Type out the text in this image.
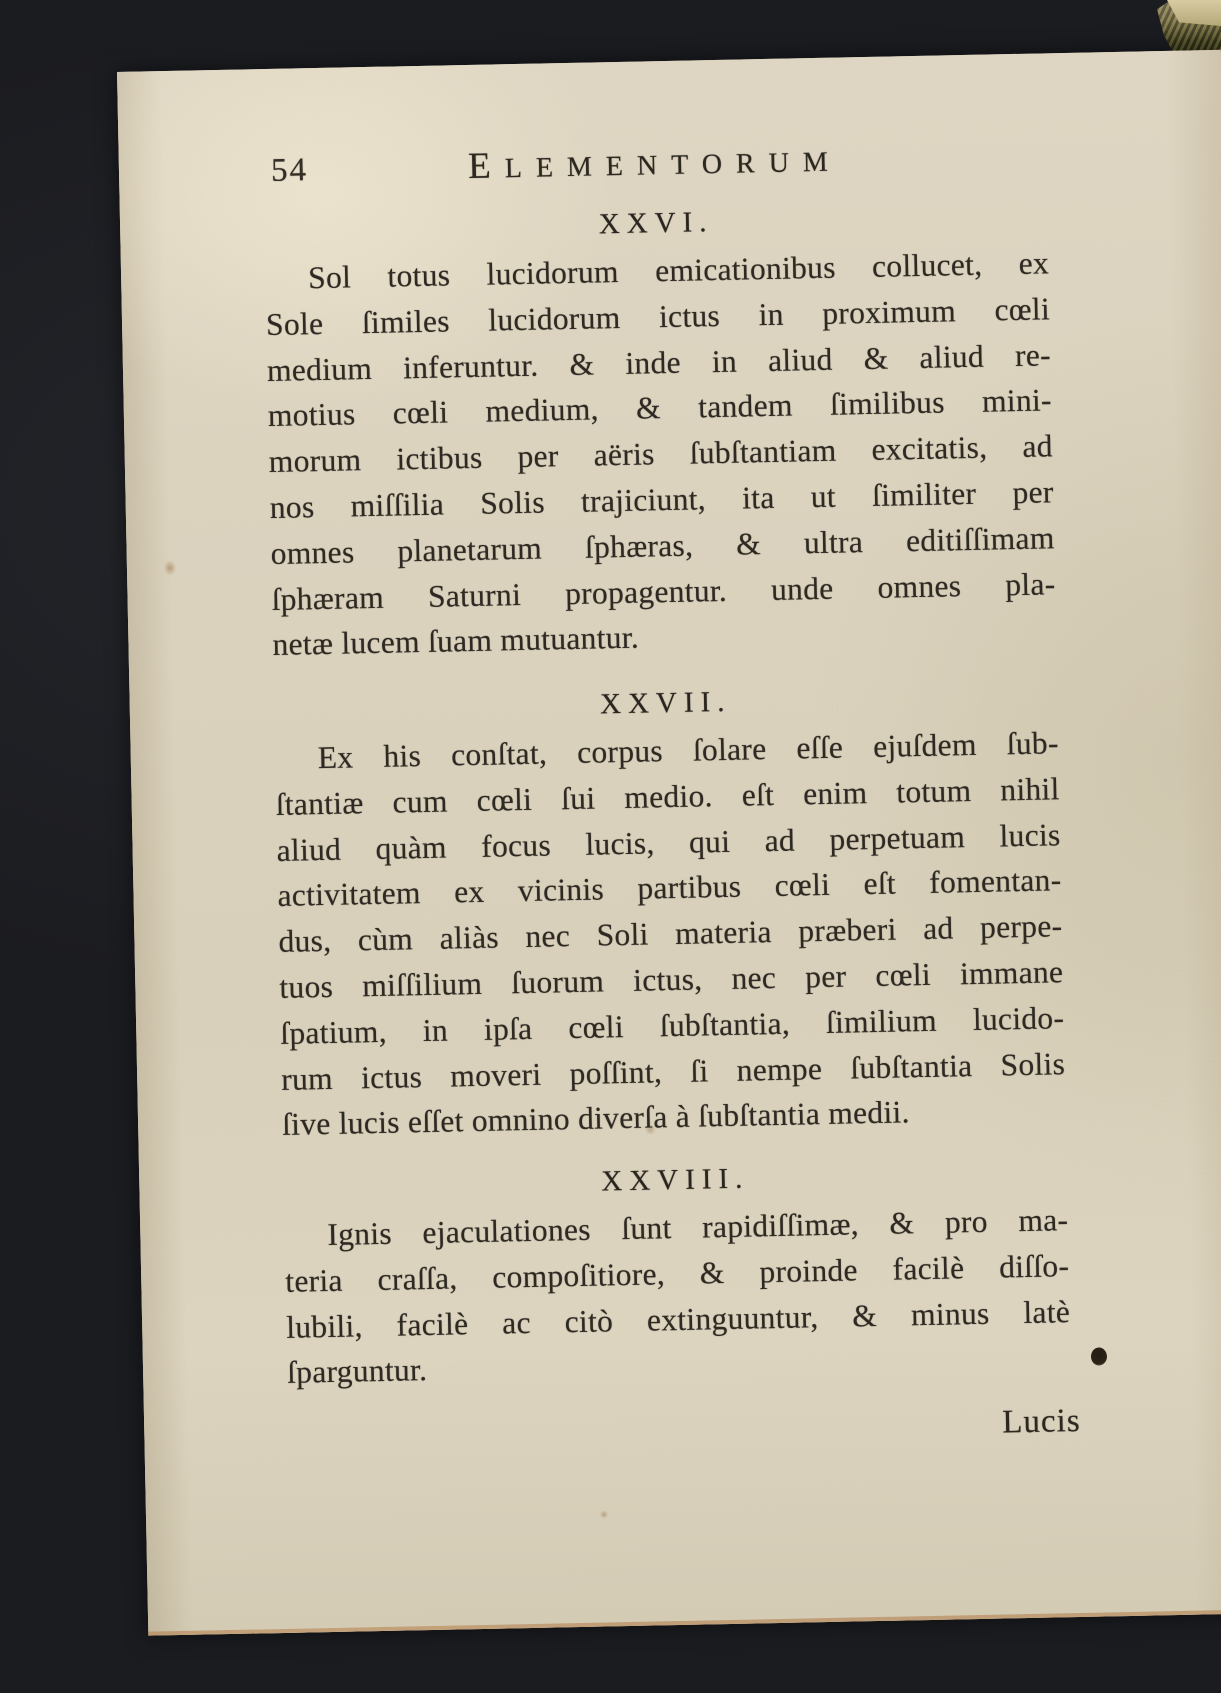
54	ELEMENTORUM
XXVI.
Sol totus lucidorum emicationibus collucet, ex
Sole ſimiles lucidorum ictus in proximum cœli
medium inferuntur. & inde in aliud & aliud re-
motius cœli medium, & tandem ſimilibus mini-
morum ictibus per aëris ſubſtantiam excitatis, ad
nos miſſilia Solis trajiciunt, ita ut ſimiliter per
omnes planetarum ſphæras, & ultra editiſſimam
ſphæram Saturni propagentur. unde omnes pla-
netæ lucem ſuam mutuantur.
XXVII.
Ex his conſtat, corpus ſolare eſſe ejuſdem ſub-
ſtantiæ cum cœli ſui medio. eſt enim totum nihil
aliud quàm focus lucis, qui ad perpetuam lucis
activitatem ex vicinis partibus cœli eſt fomentan-
dus, cùm aliàs nec Soli materia præberi ad perpe-
tuos miſſilium ſuorum ictus, nec per cœli immane
ſpatium, in ipſa cœli ſubſtantia, ſimilium lucido-
rum ictus moveri poſſint, ſi nempe ſubſtantia Solis
ſive lucis eſſet omnino diverſa à ſubſtantia medii.
XXVIII.
Ignis ejaculationes ſunt rapidiſſimæ, & pro ma-
teria craſſa, compoſitiore, & proinde facilè diſſo-
lubili, facilè ac citò extinguuntur, & minus latè
ſparguntur.
Lucis
